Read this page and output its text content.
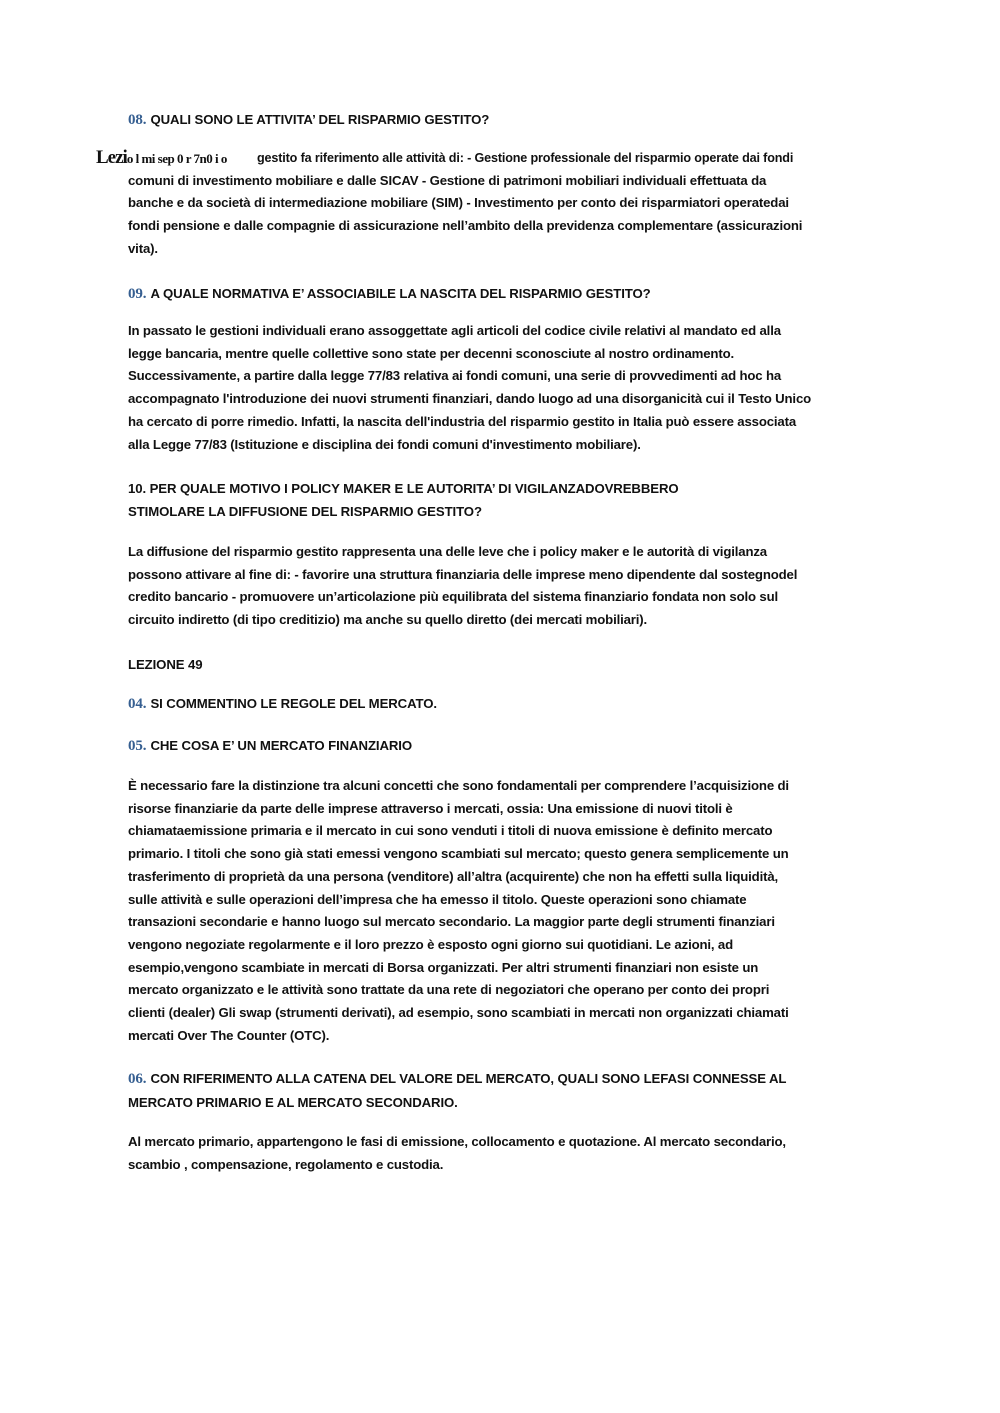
08. QUALI SONO LE ATTIVITA’ DEL RISPARMIO GESTITO?
Lezio l mi sep 0 r 7n0 i o	gestito fa riferimento alle attività di: - Gestione professionale del risparmio operate dai fondi
comuni di investimento mobiliare e dalle SICAV - Gestione di patrimoni mobiliari individuali effettuata da
banche e da società di intermediazione mobiliare (SIM) - Investimento per conto dei risparmiatori operatedai
fondi pensione e dalle compagnie di assicurazione nell’ambito della previdenza complementare (assicurazioni
vita).
09. A QUALE NORMATIVA E’ ASSOCIABILE LA NASCITA DEL RISPARMIO GESTITO?
In passato le gestioni individuali erano assoggettate agli articoli del codice civile relativi al mandato ed alla
legge bancaria, mentre quelle collettive sono state per decenni sconosciute al nostro ordinamento.
Successivamente, a partire dalla legge 77/83 relativa ai fondi comuni, una serie di provvedimenti ad hoc ha
accompagnato l'introduzione dei nuovi strumenti finanziari, dando luogo ad una disorganicità cui il Testo Unico
ha cercato di porre rimedio. Infatti, la nascita dell'industria del risparmio gestito in Italia può essere associata
alla Legge 77/83 (Istituzione e disciplina dei fondi comuni d'investimento mobiliare).
10. PER QUALE MOTIVO I POLICY MAKER E LE AUTORITA’ DI VIGILANZADOVREBBERO
STIMOLARE LA DIFFUSIONE DEL RISPARMIO GESTITO?
La diffusione del risparmio gestito rappresenta una delle leve che i policy maker e le autorità di vigilanza
possono attivare al fine di: - favorire una struttura finanziaria delle imprese meno dipendente dal sostegnodel
credito bancario - promuovere un’articolazione più equilibrata del sistema finanziario fondata non solo sul
circuito indiretto (di tipo creditizio) ma anche su quello diretto (dei mercati mobiliari).
LEZIONE 49
04. SI COMMENTINO LE REGOLE DEL MERCATO.
05. CHE COSA E’ UN MERCATO FINANZIARIO
È necessario fare la distinzione tra alcuni concetti che sono fondamentali per comprendere l’acquisizione di
risorse finanziarie da parte delle imprese attraverso i mercati, ossia: Una emissione di nuovi titoli è
chiamataemissione primaria e il mercato in cui sono venduti i titoli di nuova emissione è definito mercato
primario. I titoli che sono già stati emessi vengono scambiati sul mercato; questo genera semplicemente un
trasferimento di proprietà da una persona (venditore) all’altra (acquirente) che non ha effetti sulla liquidità,
sulle attività e sulle operazioni dell’impresa che ha emesso il titolo. Queste operazioni sono chiamate
transazioni secondarie e hanno luogo sul mercato secondario. La maggior parte degli strumenti finanziari
vengono negoziate regolarmente e il loro prezzo è esposto ogni giorno sui quotidiani. Le azioni, ad
esempio,vengono scambiate in mercati di Borsa organizzati. Per altri strumenti finanziari non esiste un
mercato organizzato e le attività sono trattate da una rete di negoziatori che operano per conto dei propri
clienti (dealer) Gli swap (strumenti derivati), ad esempio, sono scambiati in mercati non organizzati chiamati
mercati Over The Counter (OTC).
06. CON RIFERIMENTO ALLA CATENA DEL VALORE DEL MERCATO, QUALI SONO LEFASI CONNESSE AL
MERCATO PRIMARIO E AL MERCATO SECONDARIO.
Al mercato primario, appartengono le fasi di emissione, collocamento e quotazione. Al mercato secondario,
scambio , compensazione, regolamento e custodia.
